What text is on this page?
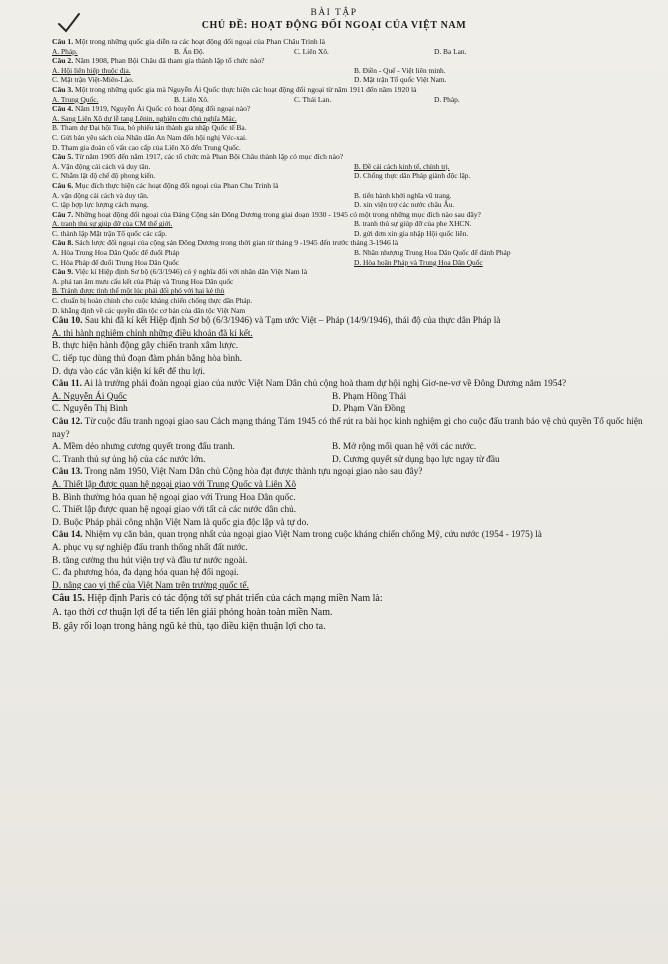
BÀI TẬP
CHỦ ĐỀ: HOẠT ĐỘNG ĐỐI NGOẠI CỦA VIỆT NAM

Câu 1. Một trong những quốc gia diễn ra các hoạt động đối ngoại của Phan Châu Trinh là

A. Pháp.	B. Ấn Độ.	C. Liên Xô.	D. Ba Lan.

Câu 2. Năm 1908, Phan Bội Châu đã tham gia thành lập tổ chức nào?

A. Hội liên hiệp thuộc địa.	B. Điền - Quế - Việt liên minh.
C. Mặt trận Việt-Miên-Lào.	D. Mặt trận Tổ quốc Việt Nam.

Câu 3. Một trong những quốc gia mà Nguyễn Ái Quốc thực hiện các hoạt động đối ngoại từ năm 1911 đến năm 1920 là

A. Trung Quốc.	B. Liên Xô.	C. Thái Lan.	D. Pháp.

Câu 4. Năm 1919, Nguyễn Ái Quốc có hoạt động đối ngoại nào?

A. Sang Liên Xô dự lễ tang Lênin, nghiên cứu chủ nghĩa Mác.
B. Tham dự Đại hội Tua, bỏ phiếu tán thành gia nhập Quốc tế Ba.
C. Gửi bản yêu sách của Nhân dân An Nam đến hội nghị Véc-xai.
D. Tham gia đoàn cố vấn cao cấp của Liên Xô đến Trung Quốc.

Câu 5. Từ năm 1905 đến năm 1917, các tổ chức mà Phan Bội Châu thành lập có mục đích nào?

A. Vận động cải cách và duy tân.	B. Đề cải cách kinh tế, chính trị.
C. Nhằm lật độ chế độ phong kiến.	D. Chống thực dân Pháp giành độc lập.

Câu 6. Mục đích thực hiện các hoạt động đối ngoại của Phan Chu Trinh là

A. vận động cải cách và duy tân.	B. tiến hành khởi nghĩa vũ trang.
C. tập hợp lực lượng cách mạng.	D. xin viện trợ các nước châu Âu.

Câu 7. Những hoạt động đối ngoại của Đảng Cộng sản Đông Dương trong giai đoạn 1930 - 1945 có một trong những mục đích nào sau đây?

A. tranh thủ sự giúp đỡ của CM thế giới.	B. tranh thủ sự giúp đỡ của phe XHCN.
C. thành lập Mặt trận Tổ quốc các cấp.	D. gửi đơn xin gia nhập Hội quốc liên.

Câu 8. Sách lược đối ngoại của cộng sản Đông Dương trong thời gian từ tháng 9 -1945 đến trước tháng 3-1946 là

A. Hòa Trung Hoa Dân Quốc để đuổi Pháp	B. Nhân nhượng Trung Hoa Dân Quốc để đánh Pháp
C. Hòa Pháp để đuổi Trung Hoa Dân Quốc	D. Hòa hoãn Pháp và Trung Hoa Dân Quốc

Câu 9. Việc kí Hiệp định Sơ bộ (6/3/1946) có ý nghĩa đối với nhân dân Việt Nam là

A. phá tan âm mưu cấu kết của Pháp và Trung Hoa Dân quốc
B. Tránh được tình thế một lúc phải đối phó với hai kẻ thù
C. chuẩn bị hoàn chỉnh cho cuộc kháng chiến chống thực dân Pháp.
D. khẳng định về các quyền dân tộc cơ bản của dân tộc Việt Nam

Câu 10. Sau khi đã kí kết Hiệp định Sơ bộ (6/3/1946) và Tạm ước Việt – Pháp (14/9/1946), thái độ của thực dân Pháp là

A. thi hành nghiêm chỉnh những điều khoản đã kí kết.
B. thực hiện hành động gây chiến tranh xâm lược.
C. tiếp tục dùng thủ đoạn đàm phán bằng hòa bình.
D. dựa vào các văn kiện kí kết để thu lợi.

Câu 11. Ai là trưởng phái đoàn ngoại giao của nước Việt Nam Dân chủ cộng hoà tham dự hội nghị Giơ-ne-vơ về Đông Dương năm 1954?

A. Nguyễn Ái Quốc	B. Phạm Hồng Thái
C. Nguyễn Thị Bình	D. Phạm Văn Đồng

Câu 12. Từ cuộc đấu tranh ngoại giao sau Cách mạng tháng Tám 1945 có thể rút ra bài học kinh nghiệm gì cho cuộc đấu tranh bảo vệ chủ quyền Tổ quốc hiện nay?

A. Mềm dẻo nhưng cương quyết trong đấu tranh.	B. Mở rộng mối quan hệ với các nước.
C. Tranh thủ sự ủng hộ của các nước lớn.	D. Cương quyết sử dụng bạo lực ngay từ đầu

Câu 13. Trong năm 1950, Việt Nam Dân chủ Cộng hòa đạt được thành tựu ngoại giao nào sau đây?

A. Thiết lập được quan hệ ngoại giao với Trung Quốc và Liên Xô
B. Bình thường hóa quan hệ ngoại giao với Trung Hoa Dân quốc.
C. Thiết lập được quan hệ ngoại giao với tất cả các nước dân chủ.
D. Buộc Pháp phải công nhận Việt Nam là quốc gia độc lập và tự do.

Câu 14. Nhiệm vụ căn bản, quan trọng nhất của ngoại giao Việt Nam trong cuộc kháng chiến chống Mỹ, cứu nước (1954 - 1975) là

A. phục vụ sự nghiệp đấu tranh thống nhất đất nước.
B. tăng cường thu hút viện trợ và đầu tư nước ngoài.
C. đa phương hóa, đa dạng hóa quan hệ đối ngoại.
D. nâng cao vị thế của Việt Nam trên trường quốc tế.

Câu 15. Hiệp định Paris có tác động tới sự phát triển của cách mạng miền Nam là:

A. tạo thời cơ thuận lợi để ta tiến lên giải phóng hoàn toàn miền Nam.
B. gây rối loạn trong hàng ngũ kẻ thù, tạo điều kiện thuận lợi cho ta.
